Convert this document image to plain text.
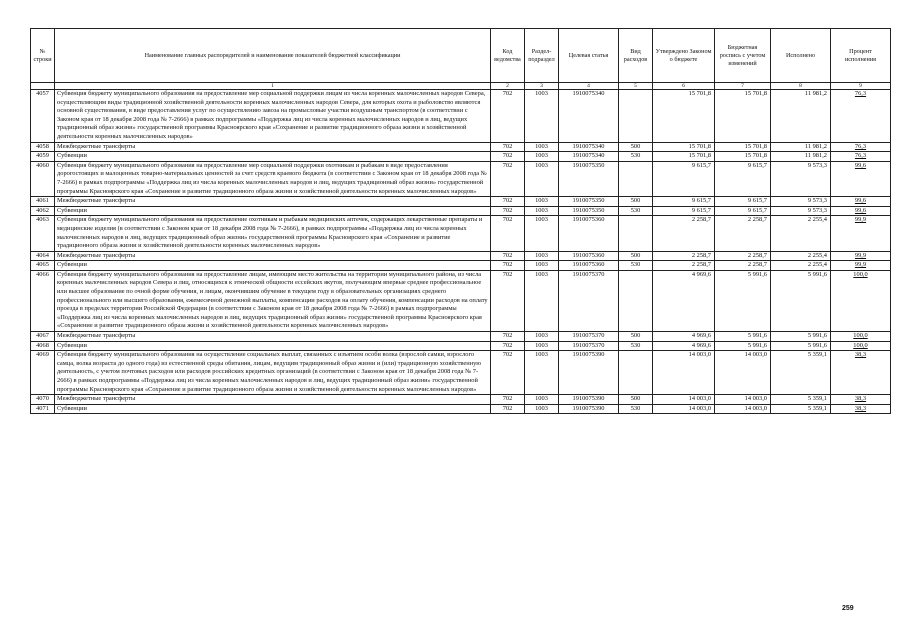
№ строки	Наименование главных распорядителей и наименование показателей бюджетной классификации	Код ведомства	Раздел-подраздел	Целевая статья	Вид расходов	Утверждено Законом о бюджете	Бюджетная роспись с учетом изменений	Исполнено	Процент исполнения
	1	2	3	4	5	6	7	8	9
4057	Субвенция бюджету муниципального образования на предоставление мер социальной поддержки лицам из числа коренных малочисленных народов Севера, осуществляющим виды традиционной хозяйственной деятельности коренных малочисленных народов Севера, для которых охота и рыболовство являются основной существования, в виде предоставления услуг по осуществлению завоза на промысловые участки воздушным транспортом (в соответствии с Законом края от 18 декабря 2008 года № 7-2666) в рамках подпрограммы «Поддержка лиц из числа коренных малочисленных народов и лиц, ведущих традиционный образ жизни» государственной программы Красноярского края «Сохранение и развитие традиционного образа жизни и хозяйственной деятельности коренных малочисленных народов»	702	1003	1910075340		15 701,8	15 701,8	11 981,2	76,3
4058	Межбюджетные трансферты	702	1003	1910075340	500	15 701,8	15 701,8	11 981,2	76,3
4059	Субвенции	702	1003	1910075340	530	15 701,8	15 701,8	11 981,2	76,3
4060	Субвенция бюджету муниципального образования на предоставление мер социальной поддержки охотникам и рыбакам в виде предоставления дорогостоящих и малоценных товарно-материальных ценностей за счет средств краевого бюджета (в соответствии с Законом края от 18 декабря 2008 года № 7-2666) в рамках подпрограммы «Поддержка лиц из числа коренных малочисленных народов и лиц, ведущих традиционный образ жизни» государственной программы Красноярского края «Сохранение и развитие традиционного образа жизни и хозяйственной деятельности коренных малочисленных народов»	702	1003	1910075350		9 615,7	9 615,7	9 573,3	99,6
4061	Межбюджетные трансферты	702	1003	1910075350	500	9 615,7	9 615,7	9 573,3	99,6
4062	Субвенции	702	1003	1910075350	530	9 615,7	9 615,7	9 573,3	99,6
4063	Субвенция бюджету муниципального образования на предоставление охотникам и рыбакам медицинских аптечек, содержащих лекарственные препараты и медицинские изделия (в соответствии с Законом края от 18 декабря 2008 года № 7-2666), в рамках подпрограммы «Поддержка лиц из числа коренных малочисленных народов и лиц, ведущих традиционный образ жизни» государственной программы Красноярского края «Сохранение и развитие традиционного образа жизни и хозяйственной деятельности коренных малочисленных народов»	702	1003	1910075360		2 258,7	2 258,7	2 255,4	99,9
4064	Межбюджетные трансферты	702	1003	1910075360	500	2 258,7	2 258,7	2 255,4	99,9
4065	Субвенции	702	1003	1910075360	530	2 258,7	2 258,7	2 255,4	99,9
4066	Субвенция бюджету муниципального образования на предоставление лицам, имеющим место жительства на территории муниципального района, из числа коренных малочисленных народов Севера и лиц, относящихся к этнической общности ессейских якутов, получающим впервые среднее профессиональное или высшее образование по очной форме обучения, и лицам, окончившим обучение в текущем году в образовательных организациях среднего профессионального или высшего образования, ежемесячной денежной выплаты, компенсации расходов на оплату обучения, компенсации расходов на оплату проезда в пределах территории Российской Федерации (в соответствии с Законом края от 18 декабря 2008 года № 7-2666) в рамках подпрограммы «Поддержка лиц из числа коренных малочисленных народов и лиц, ведущих традиционный образ жизни» государственной программы Красноярского края «Сохранение и развитие традиционного образа жизни и хозяйственной деятельности коренных малочисленных народов»	702	1003	1910075370		4 969,6	5 991,6	5 991,6	100,0
4067	Межбюджетные трансферты	702	1003	1910075370	500	4 969,6	5 991,6	5 991,6	100,0
4068	Субвенции	702	1003	1910075370	530	4 969,6	5 991,6	5 991,6	100,0
4069	Субвенция бюджету муниципального образования на осуществление социальных выплат, связанных с изъятием особи волка (взрослой самки, взрослого самца, волка возраста до одного года) из естественной среды обитания, лицам, ведущим традиционный образ жизни и (или) традиционную хозяйственную деятельность, с учетом почтовых расходов или расходов российских кредитных организаций (в соответствии с Законом края от 18 декабря 2008 года № 7-2666) в рамках подпрограммы «Поддержка лиц из числа коренных малочисленных народов и лиц, ведущих традиционный образ жизни» государственной программы Красноярского края «Сохранение и развитие традиционного образа жизни и хозяйственной деятельности коренных малочисленных народов»	702	1003	1910075390		14 003,0	14 003,0	5 359,1	38,3
4070	Межбюджетные трансферты	702	1003	1910075390	500	14 003,0	14 003,0	5 359,1	38,3
4071	Субвенции	702	1003	1910075390	530	14 003,0	14 003,0	5 359,1	38,3
259
